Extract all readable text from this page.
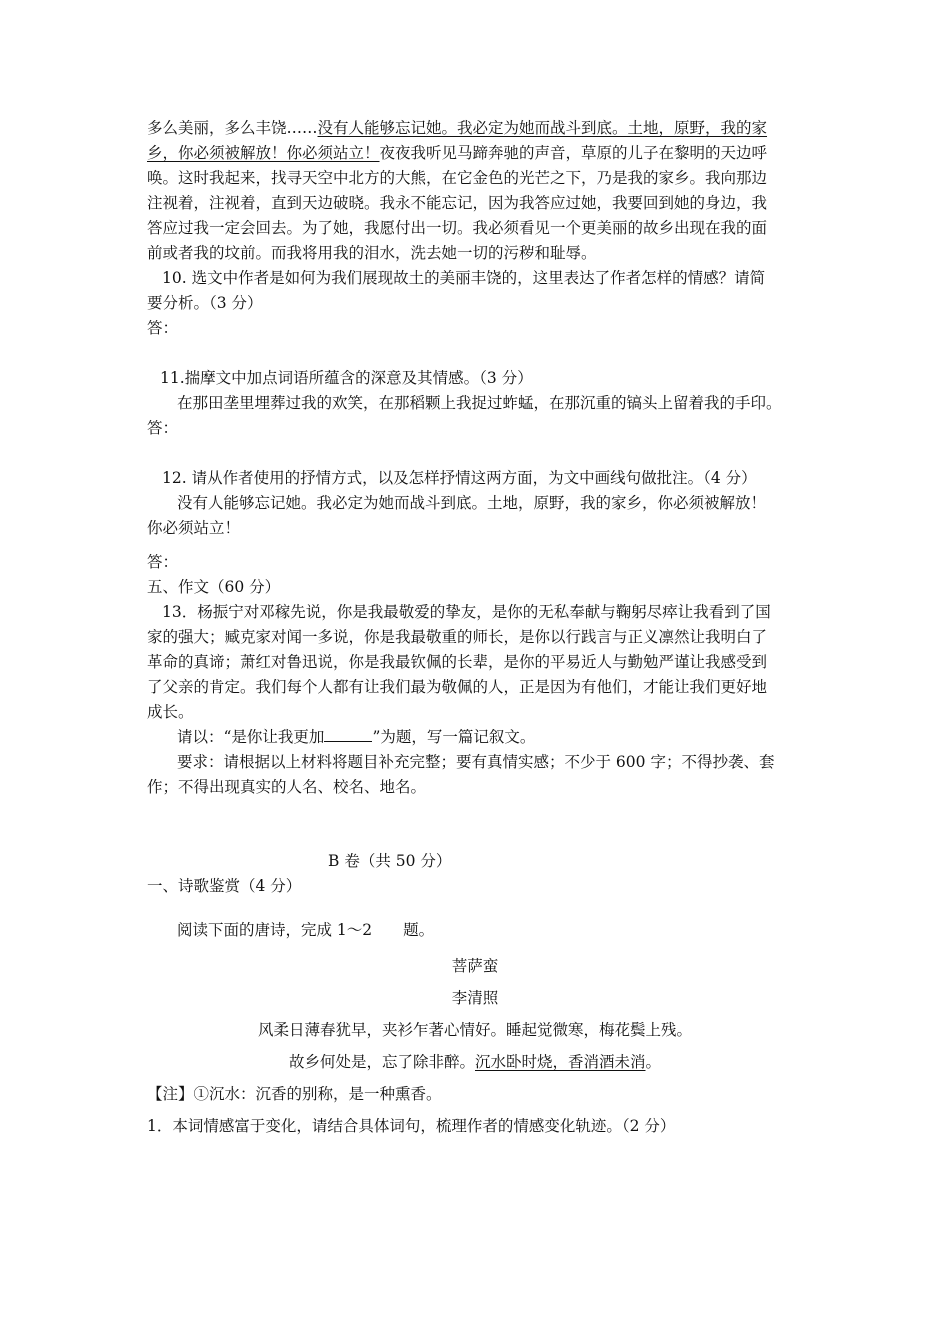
多么美丽，多么丰饶……没有人能够忘记她。我必定为她而战斗到底。土地，原野，我的家
乡，你必须被解放！你必须站立！夜夜我听见马蹄奔驰的声音，草原的儿子在黎明的天边呼
唤。这时我起来，找寻天空中北方的大熊，在它金色的光芒之下，乃是我的家乡。我向那边
注视着，注视着，直到天边破晓。我永不能忘记，因为我答应过她，我要回到她的身边，我
答应过我一定会回去。为了她，我愿付出一切。我必须看见一个更美丽的故乡出现在我的面
前或者我的坟前。而我将用我的泪水，洗去她一切的污秽和耻辱。
10. 选文中作者是如何为我们展现故土的美丽丰饶的，这里表达了作者怎样的情感？请简
要分析。（3 分）
答：
11.揣摩文中加点词语所蕴含的深意及其情感。（3 分）
在那田垄里埋葬过我的欢笑，在那稻颗上我捉过蚱蜢，在那沉重的镐头上留着我的手印。
答：
12. 请从作者使用的抒情方式，以及怎样抒情这两方面，为文中画线句做批注。（4 分）
没有人能够忘记她。我必定为她而战斗到底。土地，原野，我的家乡，你必须被解放！
你必须站立！
答：
五、作文（60 分）
13．杨振宁对邓稼先说，你是我最敬爱的挚友，是你的无私奉献与鞠躬尽瘁让我看到了国
家的强大；臧克家对闻一多说，你是我最敬重的师长，是你以行践言与正义凛然让我明白了
革命的真谛；萧红对鲁迅说，你是我最钦佩的长辈，是你的平易近人与勤勉严谨让我感受到
了父亲的肯定。我们每个人都有让我们最为敬佩的人，正是因为有他们，才能让我们更好地
成长。
请以：“是你让我更加	”为题，写一篇记叙文。
要求：请根据以上材料将题目补充完整；要有真情实感；不少于 600 字；不得抄袭、套
作；不得出现真实的人名、校名、地名。
B 卷（共 50 分）
一、诗歌鉴赏（4 分）
阅读下面的唐诗，完成 1～2　　题。
菩萨蛮
李清照
风柔日薄春犹早，夹衫乍著心情好。睡起觉微寒，梅花鬓上残。
故乡何处是，忘了除非醉。沉水卧时烧，香消酒未消。
【注】①沉水：沉香的别称，是一种熏香。
1．本词情感富于变化，请结合具体词句，梳理作者的情感变化轨迹。（2 分）
